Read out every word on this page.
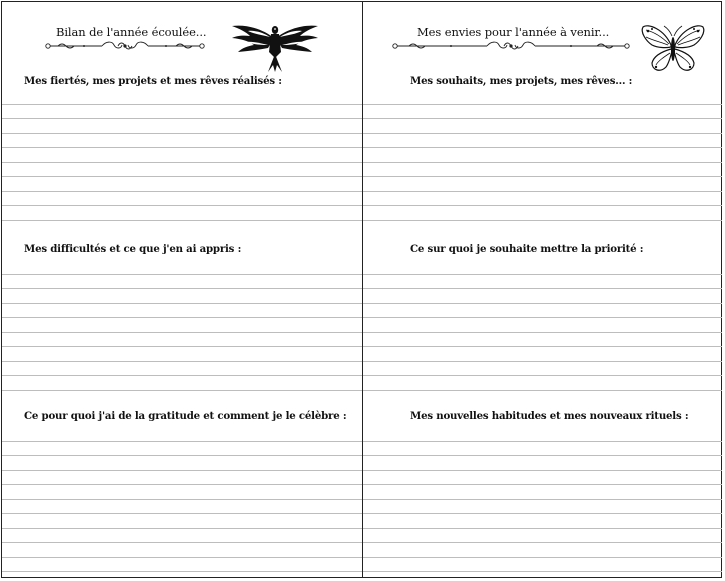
Bilan de l'année écoulée...
Mes fiertés, mes projets et mes rêves réalisés :
Mes difficultés et ce que j'en ai appris :
Ce pour quoi j'ai de la gratitude et comment je le célèbre :
Mes envies pour l'année à venir...
Mes souhaits, mes projets, mes rêves... :
Ce sur quoi je souhaite mettre la priorité :
Mes nouvelles habitudes et mes nouveaux rituels :
